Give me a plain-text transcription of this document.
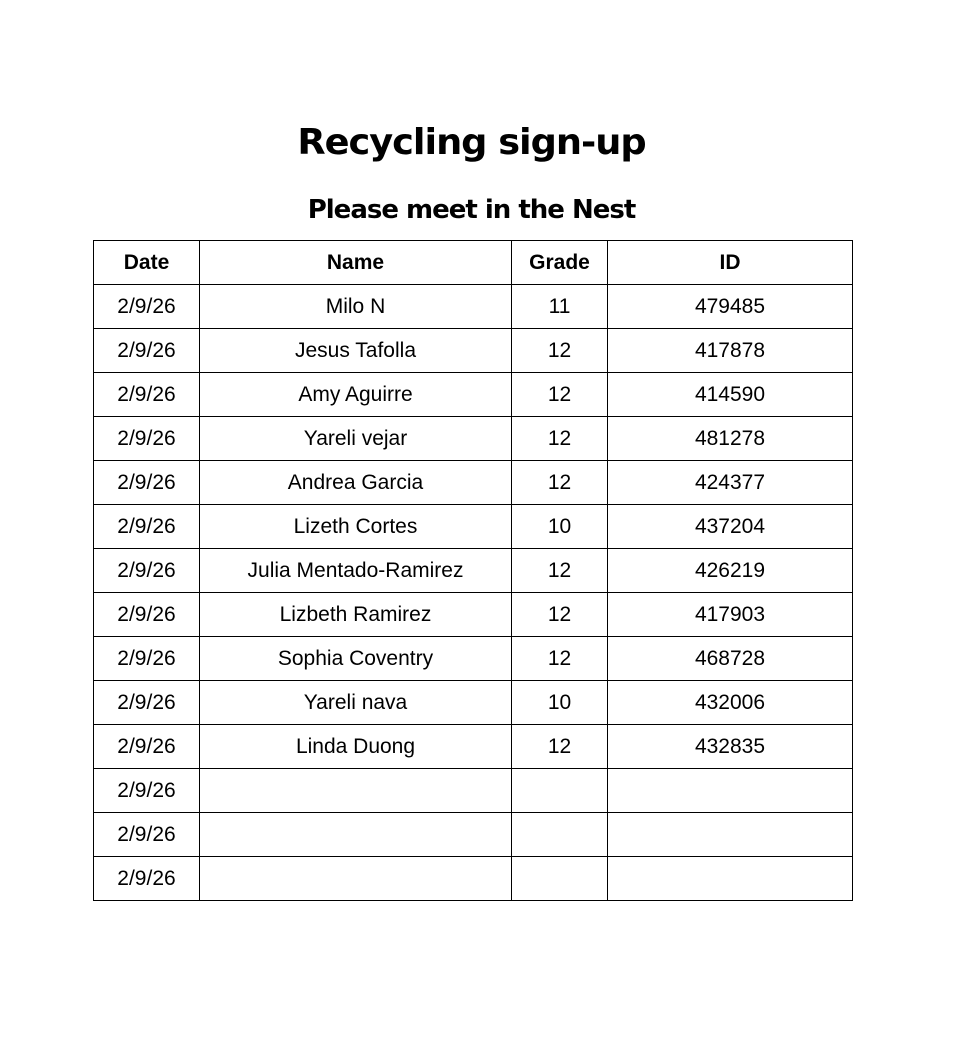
Recycling sign-up
Please meet in the Nest
Date	Name	Grade	ID
2/9/26	Milo N	11	479485
2/9/26	Jesus Tafolla	12	417878
2/9/26	Amy Aguirre	12	414590
2/9/26	Yareli vejar	12	481278
2/9/26	Andrea Garcia	12	424377
2/9/26	Lizeth Cortes	10	437204
2/9/26	Julia Mentado-Ramirez	12	426219
2/9/26	Lizbeth Ramirez	12	417903
2/9/26	Sophia Coventry	12	468728
2/9/26	Yareli nava	10	432006
2/9/26	Linda Duong	12	432835
2/9/26			
2/9/26			
2/9/26			
